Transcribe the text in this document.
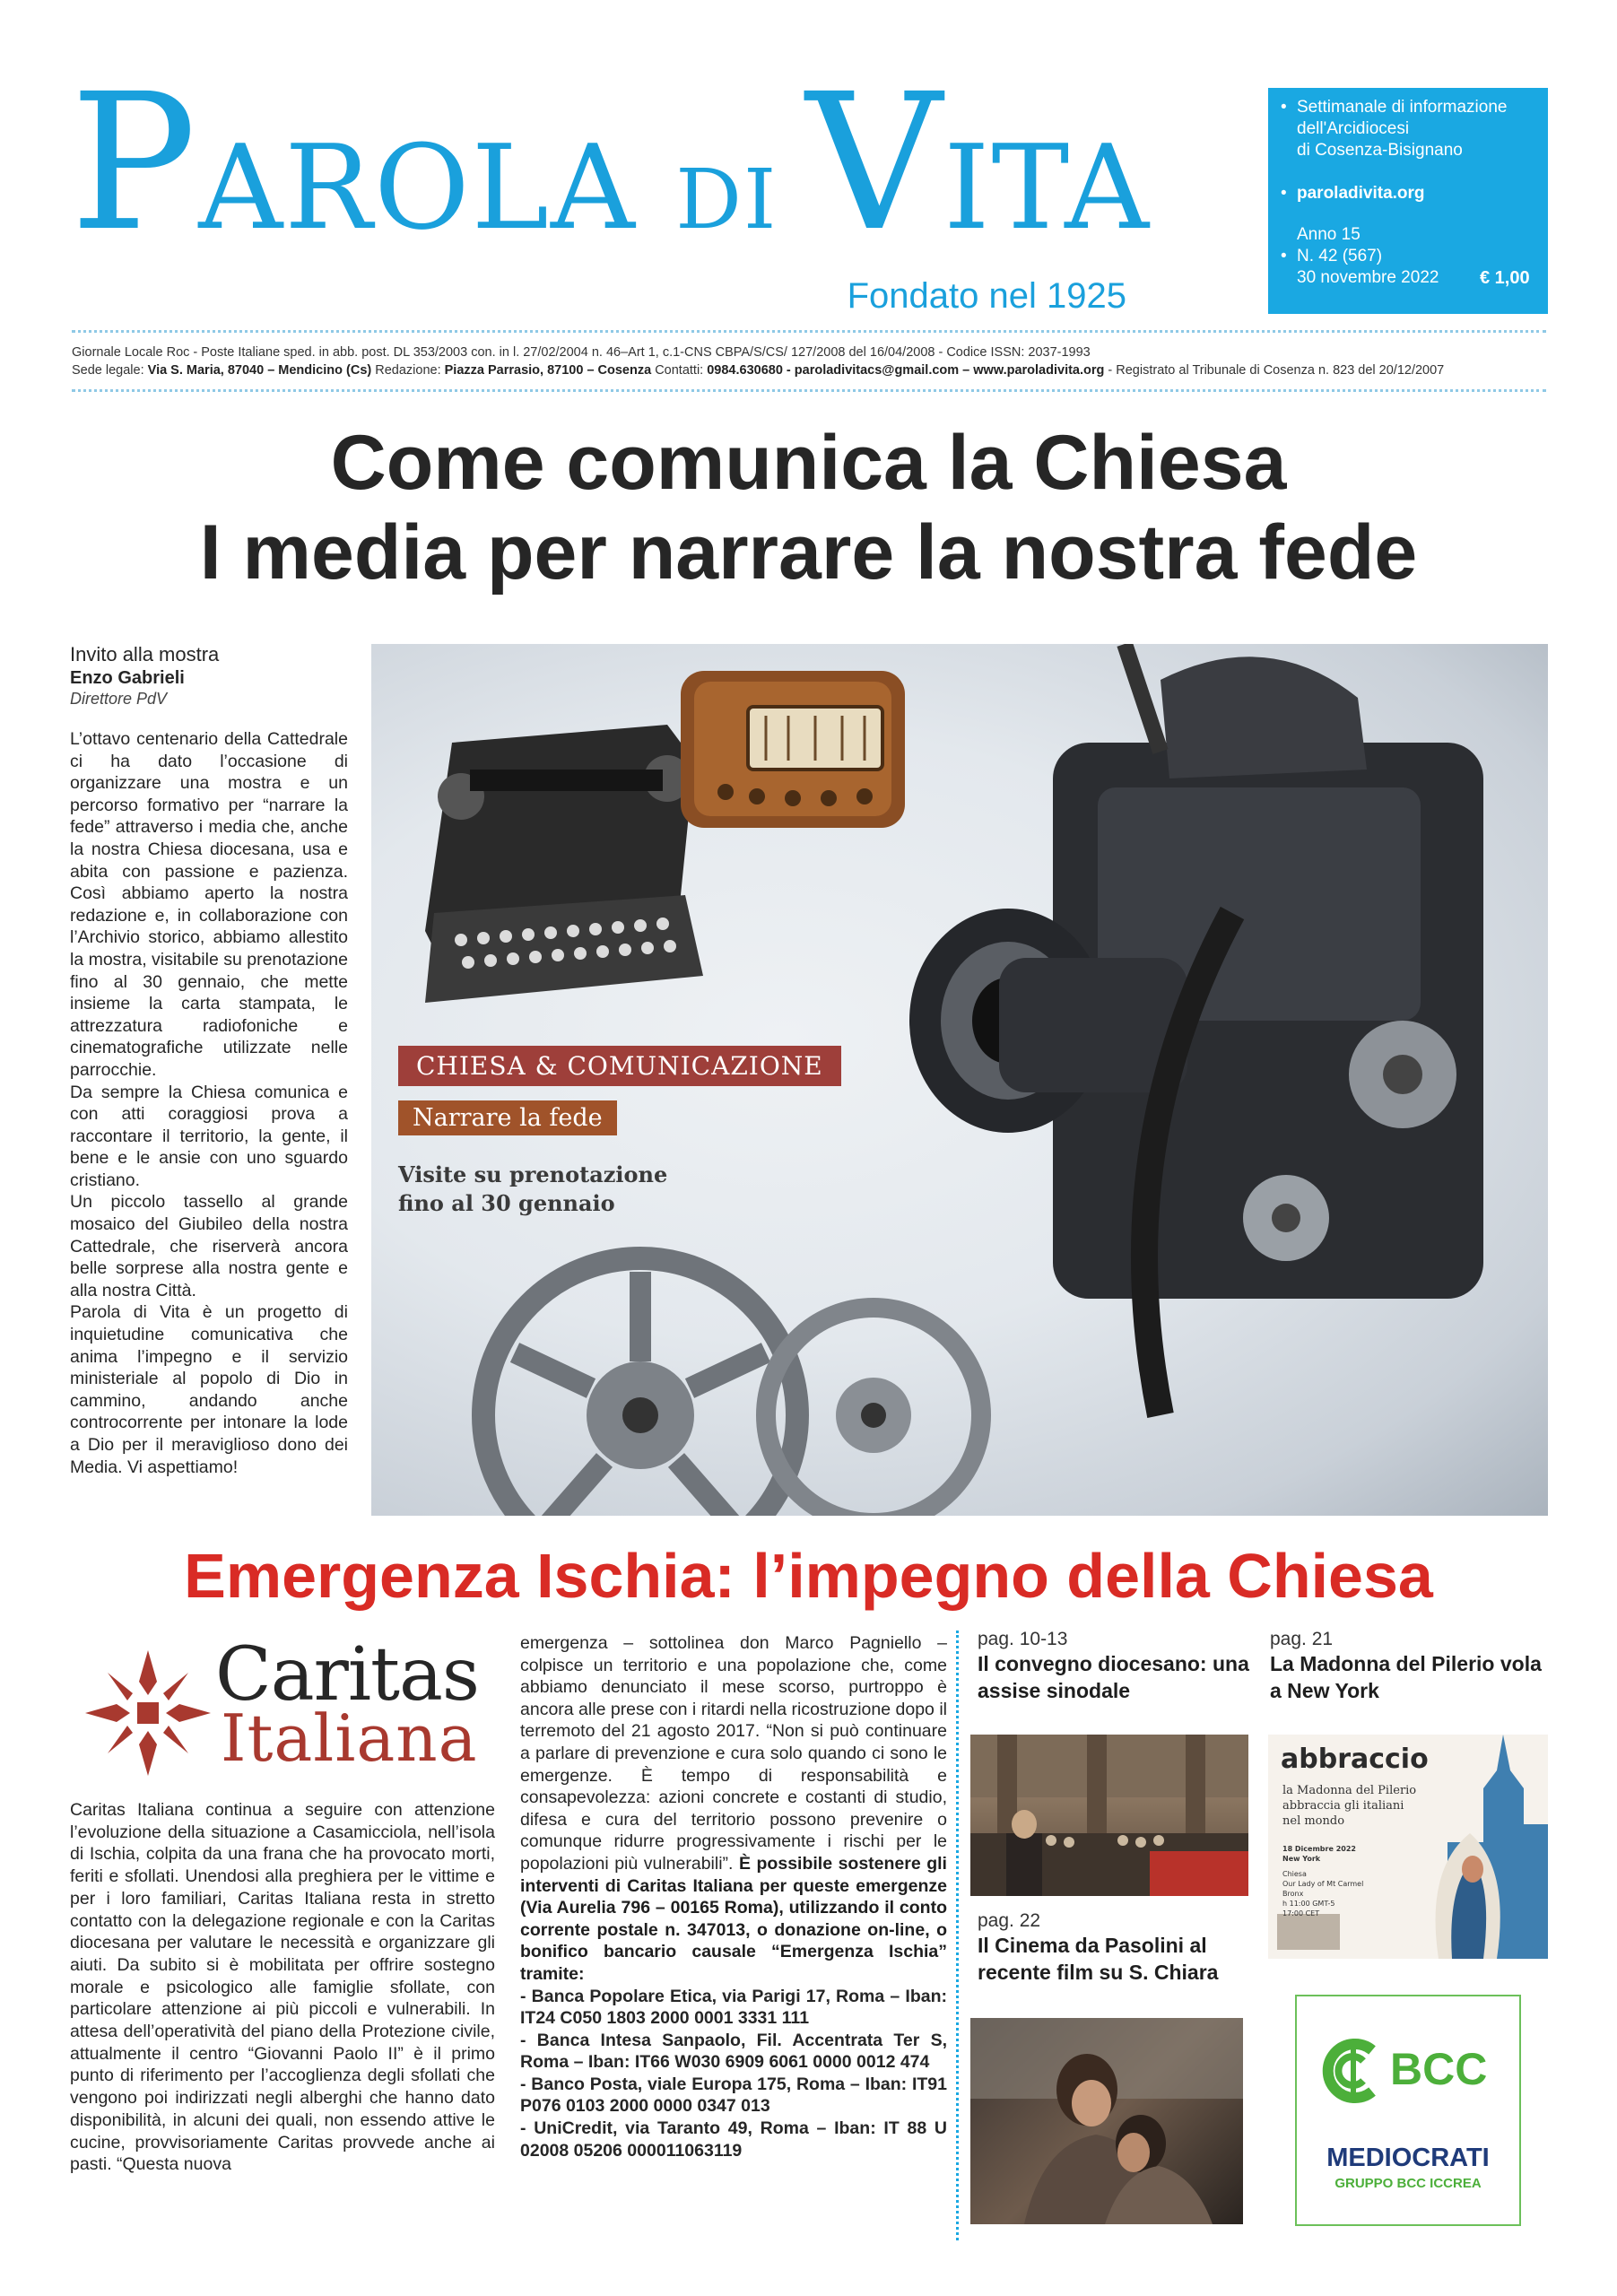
PAROLA DI VITA
Fondato nel 1925
• Settimanale di informazione
dell'Arcidiocesi
di Cosenza-Bisignano
• paroladivita.org
Anno 15
• N. 42 (567)
30 novembre 2022 € 1,00
Giornale Locale Roc - Poste Italiane sped. in abb. post. DL 353/2003 con. in l. 27/02/2004 n. 46–Art 1, c.1-CNS CBPA/S/CS/ 127/2008 del 16/04/2008 - Codice ISSN: 2037-1993
Sede legale: Via S. Maria, 87040 – Mendicino (Cs) Redazione: Piazza Parrasio, 87100 – Cosenza Contatti: 0984.630680 - paroladivitacs@gmail.com – www.paroladivita.org - Registrato al Tribunale di Cosenza n. 823 del 20/12/2007
Come comunica la Chiesa
I media per narrare la nostra fede
Invito alla mostra
Enzo Gabrieli
Direttore PdV
L’ottavo centenario della Cattedrale ci ha dato l’occasione di organizzare una mostra e un percorso formativo per “narrare la fede” attraverso i media che, anche la nostra Chiesa diocesana, usa e abita con passione e pazienza. Così abbiamo aperto la nostra redazione e, in collaborazione con l’Archivio storico, abbiamo allestito la mostra, visitabile su prenotazione fino al 30 gennaio, che mette insieme la carta stampata, le attrezzatura radiofoniche e cinematografiche utilizzate nelle parrocchie.
Da sempre la Chiesa comunica e con atti coraggiosi prova a raccontare il territorio, la gente, il bene e le ansie con uno sguardo cristiano.
Un piccolo tassello al grande mosaico del Giubileo della nostra Cattedrale, che riserverà ancora belle sorprese alla nostra gente e alla nostra Città.
Parola di Vita è un progetto di inquietudine comunicativa che anima l’impegno e il servizio ministeriale al popolo di Dio in cammino, andando anche controcorrente per intonare la lode a Dio per il meraviglioso dono dei Media. Vi aspettiamo!
CHIESA & COMUNICAZIONE
Narrare la fede
Visite su prenotazione
fino al 30 gennaio
Emergenza Ischia: l’impegno della Chiesa
Caritas
Italiana
Caritas Italiana continua a seguire con attenzione l’evoluzione della situazione a Casamicciola, nell’isola di Ischia, colpita da una frana che ha provocato morti, feriti e sfollati. Unendosi alla preghiera per le vittime e per i loro familiari, Caritas Italiana resta in stretto contatto con la delegazione regionale e con la Caritas diocesana per valutare le necessità e organizzare gli aiuti. Da subito si è mobilitata per offrire sostegno morale e psicologico alle famiglie sfollate, con particolare attenzione ai più piccoli e vulnerabili. In attesa dell’operatività del piano della Protezione civile, attualmente il centro “Giovanni Paolo II” è il primo punto di riferimento per l’accoglienza degli sfollati che vengono poi indirizzati negli alberghi che hanno dato disponibilità, in alcuni dei quali, non essendo attive le cucine, provvisoriamente Caritas provvede anche ai pasti. “Questa nuova
emergenza – sottolinea don Marco Pagniello – colpisce un territorio e una popolazione che, come abbiamo denunciato il mese scorso, purtroppo è ancora alle prese con i ritardi nella ricostruzione dopo il terremoto del 21 agosto 2017. “Non si può continuare a parlare di prevenzione e cura solo quando ci sono le emergenze. È tempo di responsabilità e consapevolezza: azioni concrete e costanti di studio, difesa e cura del territorio possono prevenire o comunque ridurre progressivamente i rischi per le popolazioni più vulnerabili”. È possibile sostenere gli interventi di Caritas Italiana per queste emergenze (Via Aurelia 796 – 00165 Roma), utilizzando il conto corrente postale n. 347013, o donazione on-line, o bonifico bancario causale “Emergenza Ischia” tramite:
- Banca Popolare Etica, via Parigi 17, Roma – Iban: IT24 C050 1803 2000 0001 3331 111
- Banca Intesa Sanpaolo, Fil. Accentrata Ter S, Roma – Iban: IT66 W030 6909 6061 0000 0012 474
- Banco Posta, viale Europa 175, Roma – Iban: IT91 P076 0103 2000 0000 0347 013
- UniCredit, via Taranto 49, Roma – Iban: IT 88 U 02008 05206 000011063119
pag. 10-13
Il convegno diocesano: una assise sinodale
pag. 21
La Madonna del Pilerio vola a New York
abbraccio
la Madonna del Pilerio
abbraccia gli italiani
nel mondo
18 Dicembre 2022
New York
Chiesa
Our Lady of Mt Carmel
Bronx
h 11:00 GMT-5
17:00 CET
pag. 22
Il Cinema da Pasolini al recente film su S. Chiara
BCC
MEDIOCRATI
GRUPPO BCC ICCREA
